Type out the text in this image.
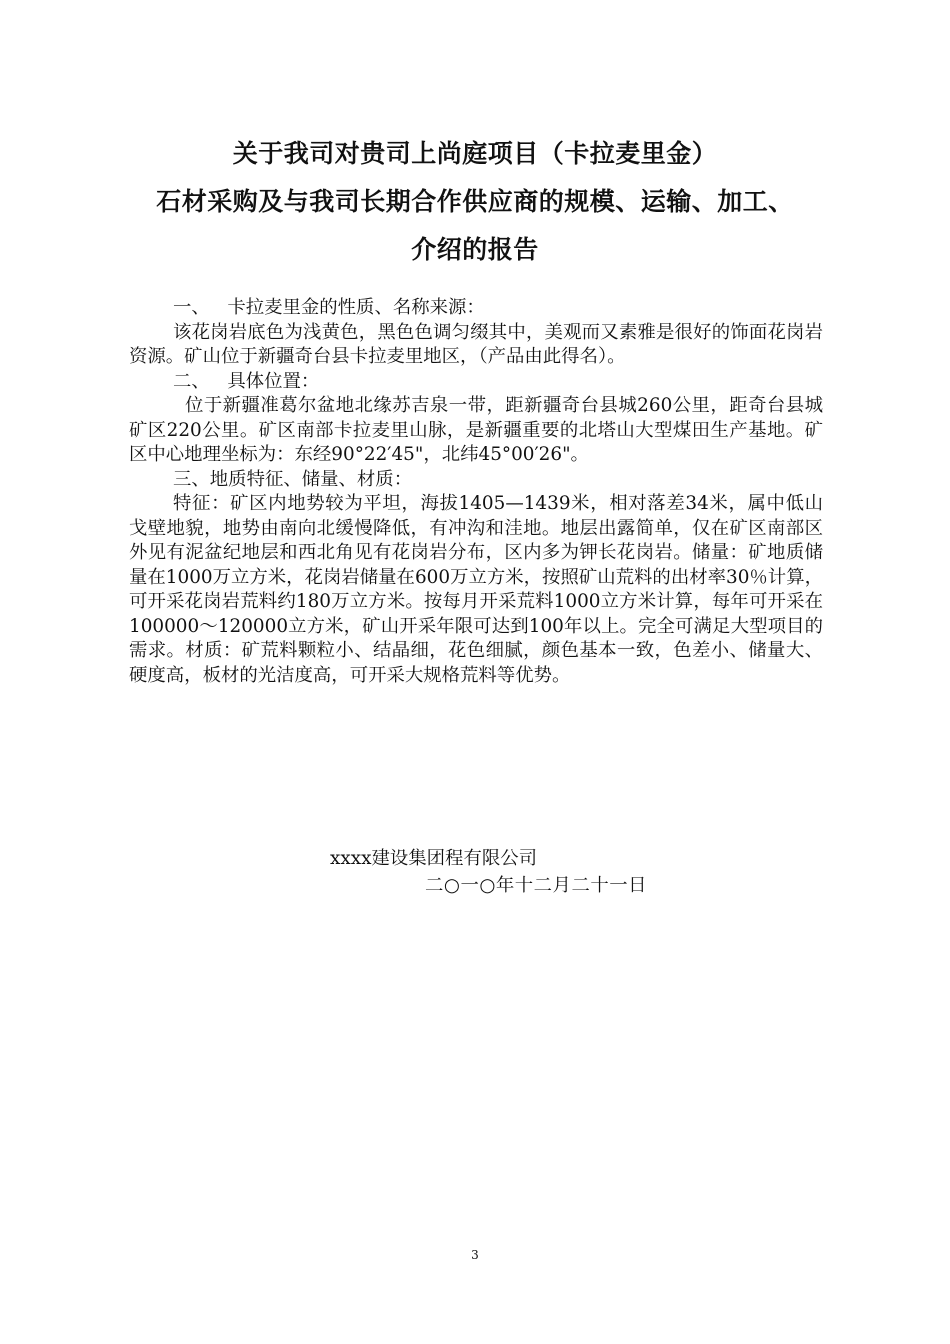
关于我司对贵司上尚庭项目（卡拉麦里金）
石材采购及与我司长期合作供应商的规模、运输、加工、
介绍的报告

一、   卡拉麦里金的性质、名称来源：

该花岗岩底色为浅黄色，黑色色调匀缀其中，美观而又素雅是很好的饰面花岗岩资源。矿山位于新疆奇台县卡拉麦里地区，（产品由此得名）。

二、   具体位置：

位于新疆准葛尔盆地北缘苏吉泉一带，距新疆奇台县城260公里，距奇台县城矿区220公里。矿区南部卡拉麦里山脉，是新疆重要的北塔山大型煤田生产基地。矿区中心地理坐标为：东经90°22′45"，北纬45°00′26"。

三、地质特征、储量、材质：

特征：矿区内地势较为平坦，海拔1405—1439米，相对落差34米，属中低山戈壁地貌，地势由南向北缓慢降低，有冲沟和洼地。地层出露简单，仅在矿区南部区外见有泥盆纪地层和西北角见有花岗岩分布，区内多为钾长花岗岩。储量：矿地质储量在1000万立方米，花岗岩储量在600万立方米，按照矿山荒料的出材率30％计算，可开采花岗岩荒料约180万立方米。按每月开采荒料1000立方米计算，每年可开采在100000～120000立方米，矿山开采年限可达到100年以上。完全可满足大型项目的需求。材质：矿荒料颗粒小、结晶细，花色细腻，颜色基本一致，色差小、储量大、硬度高，板材的光洁度高，可开采大规格荒料等优势。

xxxx建设集团程有限公司
二○一○年十二月二十一日
3
